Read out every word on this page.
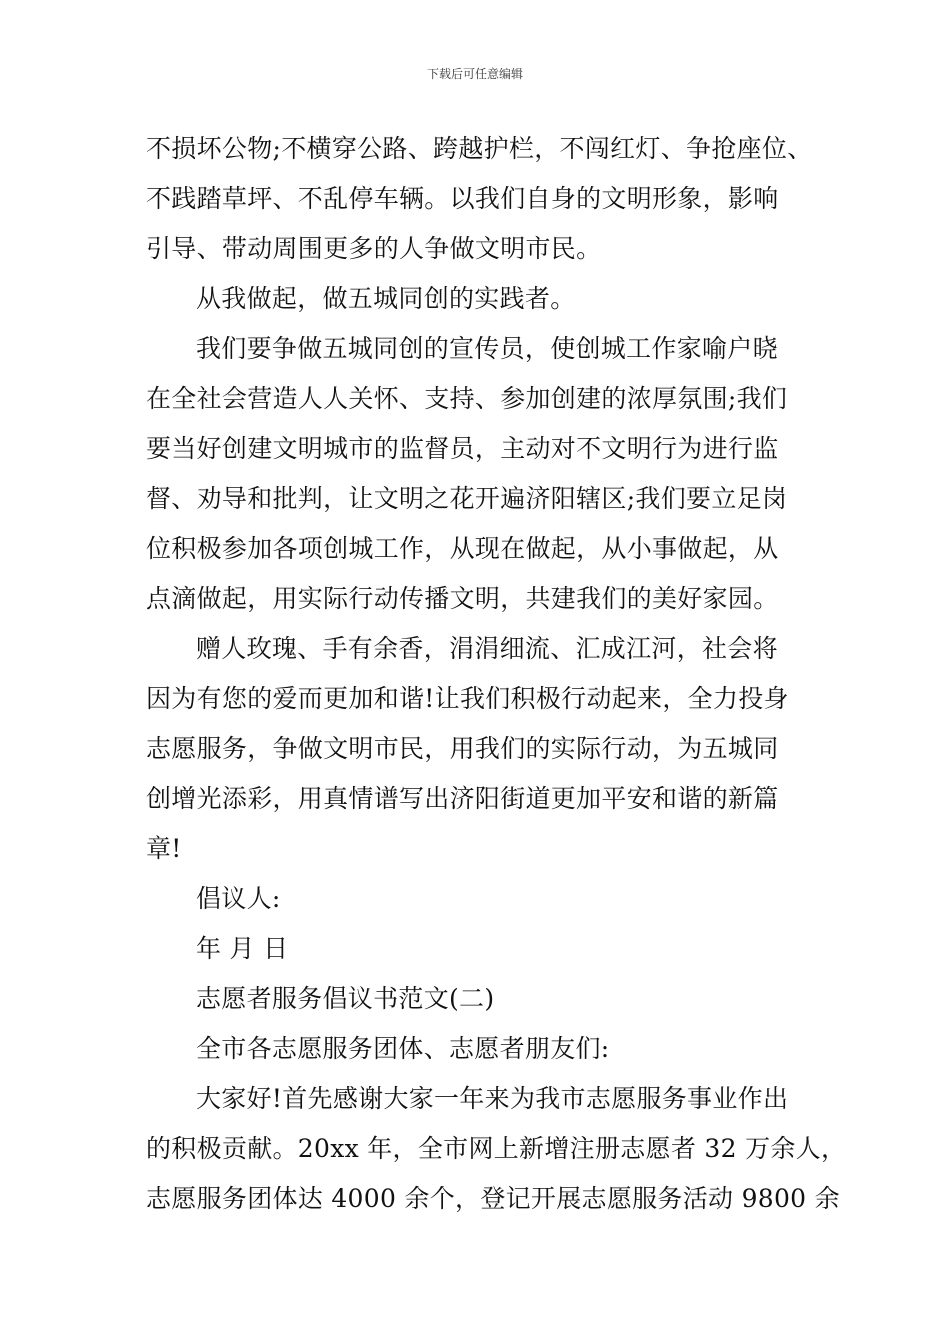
下载后可任意编辑
不损坏公物;不横穿公路、跨越护栏，不闯红灯、争抢座位、
不践踏草坪、不乱停车辆。以我们自身的文明形象，影响
引导、带动周围更多的人争做文明市民。
从我做起，做五城同创的实践者。
我们要争做五城同创的宣传员，使创城工作家喻户晓
在全社会营造人人关怀、支持、参加创建的浓厚氛围;我们
要当好创建文明城市的监督员，主动对不文明行为进行监
督、劝导和批判，让文明之花开遍济阳辖区;我们要立足岗
位积极参加各项创城工作，从现在做起，从小事做起，从
点滴做起，用实际行动传播文明，共建我们的美好家园。
赠人玫瑰、手有余香，涓涓细流、汇成江河，社会将
因为有您的爱而更加和谐!让我们积极行动起来，全力投身
志愿服务，争做文明市民，用我们的实际行动，为五城同
创增光添彩，用真情谱写出济阳街道更加平安和谐的新篇
章!
倡议人:
年 月 日
志愿者服务倡议书范文(二)
全市各志愿服务团体、志愿者朋友们:
大家好!首先感谢大家一年来为我市志愿服务事业作出
的积极贡献。20xx 年，全市网上新增注册志愿者 32 万余人，
志愿服务团体达 4000 余个，登记开展志愿服务活动 9800 余
